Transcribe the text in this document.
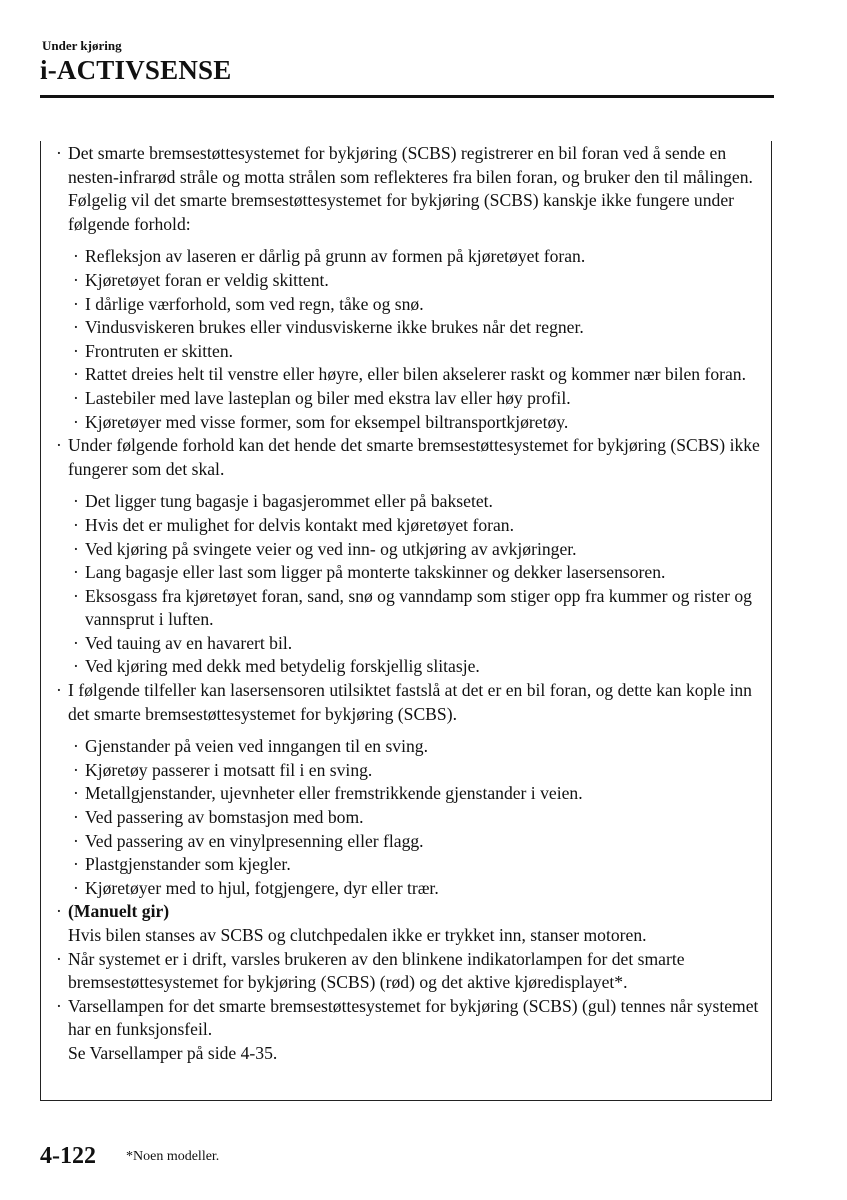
Under kjøring
i-ACTIVSENSE
· Det smarte bremsestøttesystemet for bykjøring (SCBS) registrerer en bil foran ved å sende en nesten-infrarød stråle og motta strålen som reflekteres fra bilen foran, og bruker den til målingen. Følgelig vil det smarte bremsestøttesystemet for bykjøring (SCBS) kanskje ikke fungere under følgende forhold:
· Refleksjon av laseren er dårlig på grunn av formen på kjøretøyet foran.
· Kjøretøyet foran er veldig skittent.
· I dårlige værforhold, som ved regn, tåke og snø.
· Vindusviskeren brukes eller vindusviskerne ikke brukes når det regner.
· Frontruten er skitten.
· Rattet dreies helt til venstre eller høyre, eller bilen akselerer raskt og kommer nær bilen foran.
· Lastebiler med lave lasteplan og biler med ekstra lav eller høy profil.
· Kjøretøyer med visse former, som for eksempel biltransportkjøretøy.
· Under følgende forhold kan det hende det smarte bremsestøttesystemet for bykjøring (SCBS) ikke fungerer som det skal.
· Det ligger tung bagasje i bagasjerommet eller på baksetet.
· Hvis det er mulighet for delvis kontakt med kjøretøyet foran.
· Ved kjøring på svingete veier og ved inn- og utkjøring av avkjøringer.
· Lang bagasje eller last som ligger på monterte takskinner og dekker lasersensoren.
· Eksosgass fra kjøretøyet foran, sand, snø og vanndamp som stiger opp fra kummer og rister og vannsprut i luften.
· Ved tauing av en havarert bil.
· Ved kjøring med dekk med betydelig forskjellig slitasje.
· I følgende tilfeller kan lasersensoren utilsiktet fastslå at det er en bil foran, og dette kan kople inn det smarte bremsestøttesystemet for bykjøring (SCBS).
· Gjenstander på veien ved inngangen til en sving.
· Kjøretøy passerer i motsatt fil i en sving.
· Metallgjenstander, ujevnheter eller fremstrikkende gjenstander i veien.
· Ved passering av bomstasjon med bom.
· Ved passering av en vinylpresenning eller flagg.
· Plastgjenstander som kjegler.
· Kjøretøyer med to hjul, fotgjengere, dyr eller trær.
· (Manuelt gir)
Hvis bilen stanses av SCBS og clutchpedalen ikke er trykket inn, stanser motoren.
· Når systemet er i drift, varsles brukeren av den blinkene indikatorlampen for det smarte bremsestøttesystemet for bykjøring (SCBS) (rød) og det aktive kjøredisplayet*.
· Varsellampen for det smarte bremsestøttesystemet for bykjøring (SCBS) (gul) tennes når systemet har en funksjonsfeil.
Se Varsellamper på side 4-35.
4-122 *Noen modeller.
